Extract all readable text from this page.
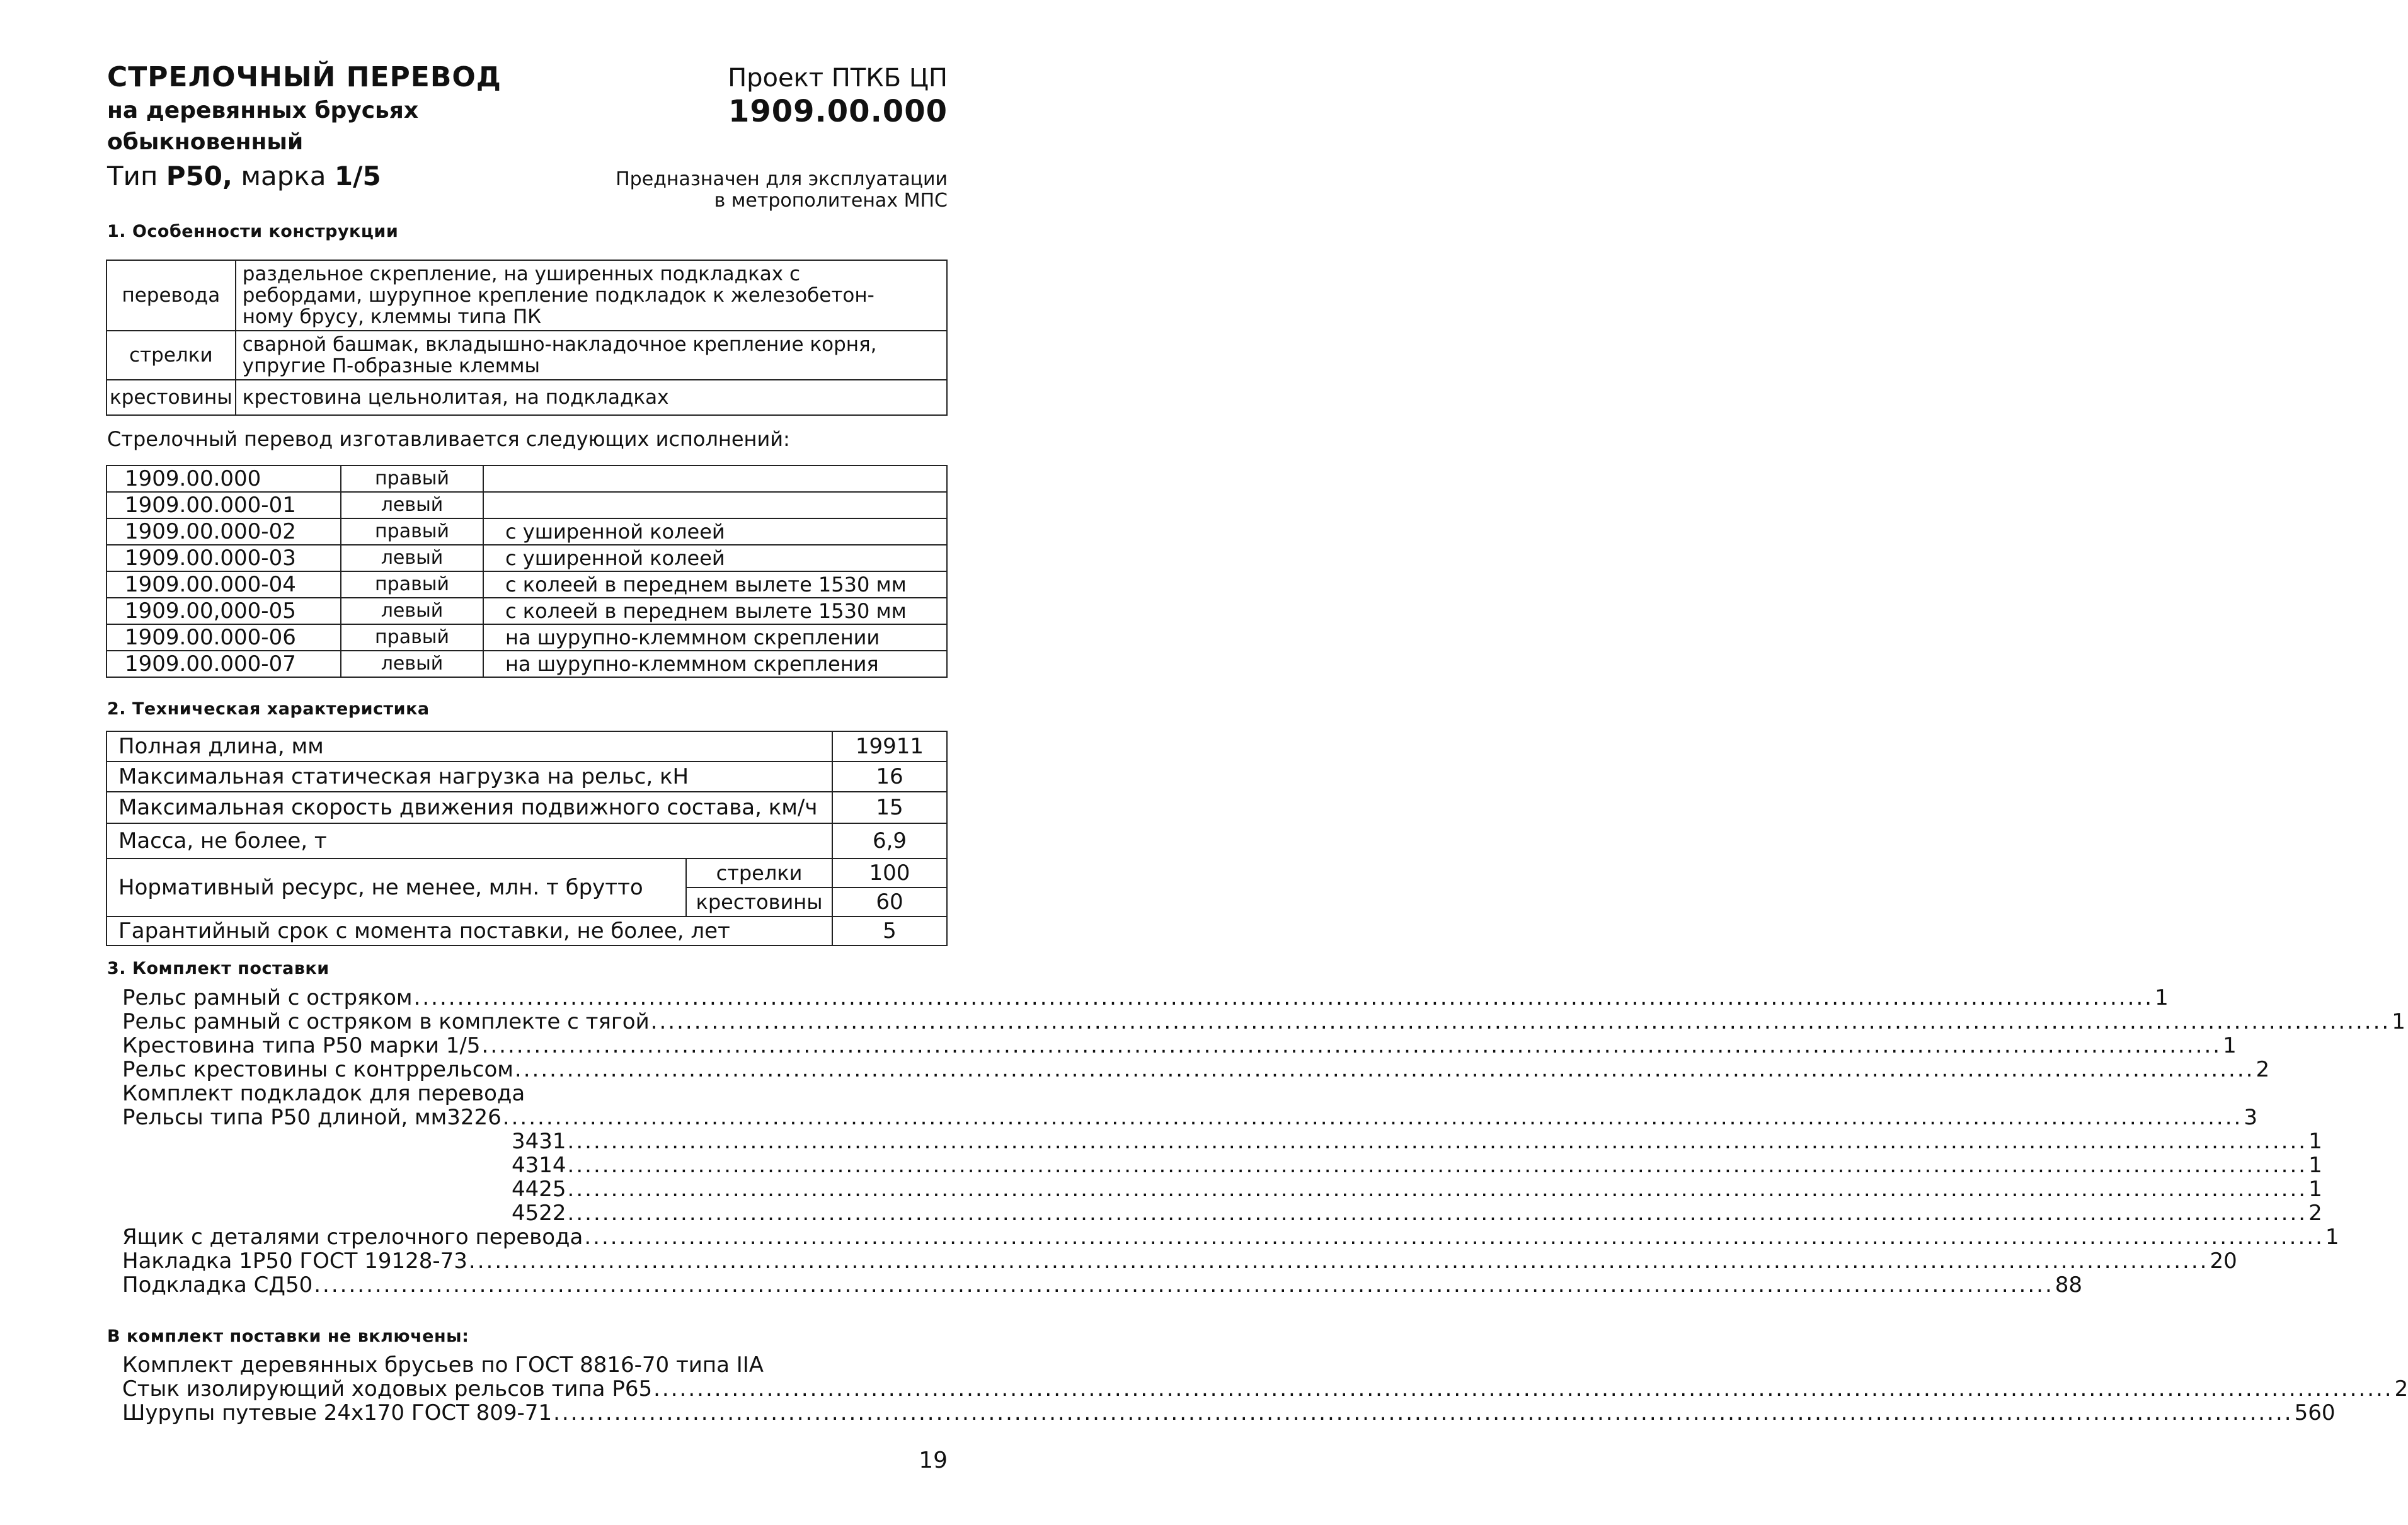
СТРЕЛОЧНЫЙ ПЕРЕВОД
на деревянных брусьях
обыкновенный
Тип Р50, марка 1/5
Проект ПТКБ ЦП
1909.00.000
Предназначен для эксплуатации
в метрополитенах МПС
1. Особенности конструкции
перевода	раздельное скрепление, на уширенных подкладках с
ребордами, шурупное крепление подкладок к железобетон-
ному брусу, клеммы типа ПК

стрелки	сварной башмак, вкладышно-накладочное крепление корня,
упругие П-образные клеммы

крестовины	крестовина цельнолитая, на подкладках
Стрелочный перевод изготавливается следующих исполнений:
1909.00.000	правый	
1909.00.000-01	левый	
1909.00.000-02	правый	с уширенной колеей
1909.00.000-03	левый	с уширенной колеей
1909.00.000-04	правый	с колеей в переднем вылете 1530 мм
1909.00,000-05	левый	с колеей в переднем вылете 1530 мм
1909.00.000-06	правый	на шурупно-клеммном скреплении
1909.00.000-07	левый	на шурупно-клеммном скрепления
2. Техническая характеристика
Полная длина, мм		19911
Максимальная статическая нагрузка на рельс, кН		16
Максимальная скорость движения подвижного состава, км/ч		15
Масса, не более, т		6,9
Нормативный ресурс, не менее, млн. т брутто	стрелки	100
	крестовины	60
Гарантийный срок с момента поставки, не более, лет		5
3. Комплект поставки
Рельс рамный с остряком .....	1
Рельс рамный с остряком в комплекте с тягой .....	1
Крестовина типа Р50 марки 1/5 .....	1
Рельс крестовины с контррельсом .....	2
Комплект подкладок для перевода
Рельсы типа Р50 длиной, мм 3226 .....	3
3431 .....	1
4314 .....	1
4425 .....	1
4522 .....	2
Ящик с деталями стрелочного перевода .....	1
Накладка 1Р50 ГОСТ 19128-73 .....	20
Подкладка СД50 .....	88
В комплект поставки не включены:
Комплект деревянных брусьев по ГОСТ 8816-70 типа IIA
Стык изолирующий ходовых рельсов типа Р65 .....	2
Шурупы путевые 24х170 ГОСТ 809-71 .....	560
19
